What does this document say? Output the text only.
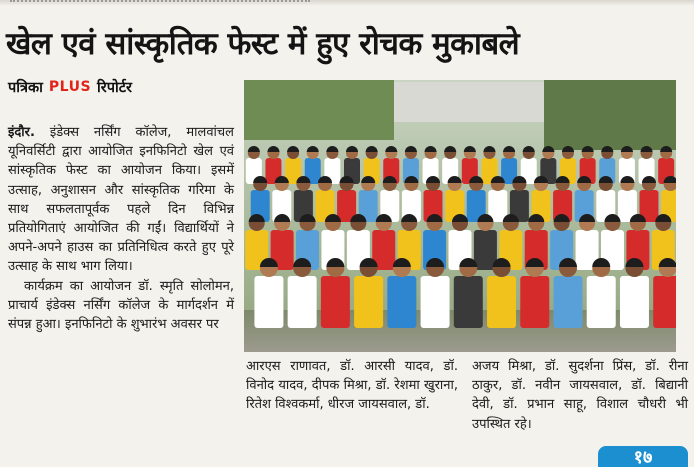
खेल एवं सांस्कृतिक फेस्ट में हुए रोचक मुकाबले
पत्रिका PLUS रिपोर्टर

इंदौर. इंडेक्स नर्सिंग कॉलेज, मालवांचल यूनिवर्सिटी द्वारा आयोजित इनफिनिटो खेल एवं सांस्कृतिक फेस्ट का आयोजन किया। इसमें उत्साह, अनुशासन और सांस्कृतिक गरिमा के साथ सफलतापूर्वक पहले दिन विभिन्न प्रतियोगिताएं आयोजित की गईं। विद्यार्थियों ने अपने-अपने हाउस का प्रतिनिधित्व करते हुए पूरे उत्साह के साथ भाग लिया।

कार्यक्रम का आयोजन डॉ. स्मृति सोलोमन, प्राचार्य इंडेक्स नर्सिंग कॉलेज के मार्गदर्शन में संपन्न हुआ। इनफिनिटो के शुभारंभ अवसर पर

आरएस राणावत, डॉ. आरसी यादव, डॉ. विनोद यादव, दीपक मिश्रा, डॉ. रेशमा खुराना, रितेश विश्वकर्मा, धीरज जायसवाल, डॉ.

अजय मिश्रा, डॉ. सुदर्शना प्रिंस, डॉ. रीना ठाकुर, डॉ. नवीन जायसवाल, डॉ. बिद्यानी देवी, डॉ. प्रभान साहू, विशाल चौधरी भी उपस्थित रहे।

१७
